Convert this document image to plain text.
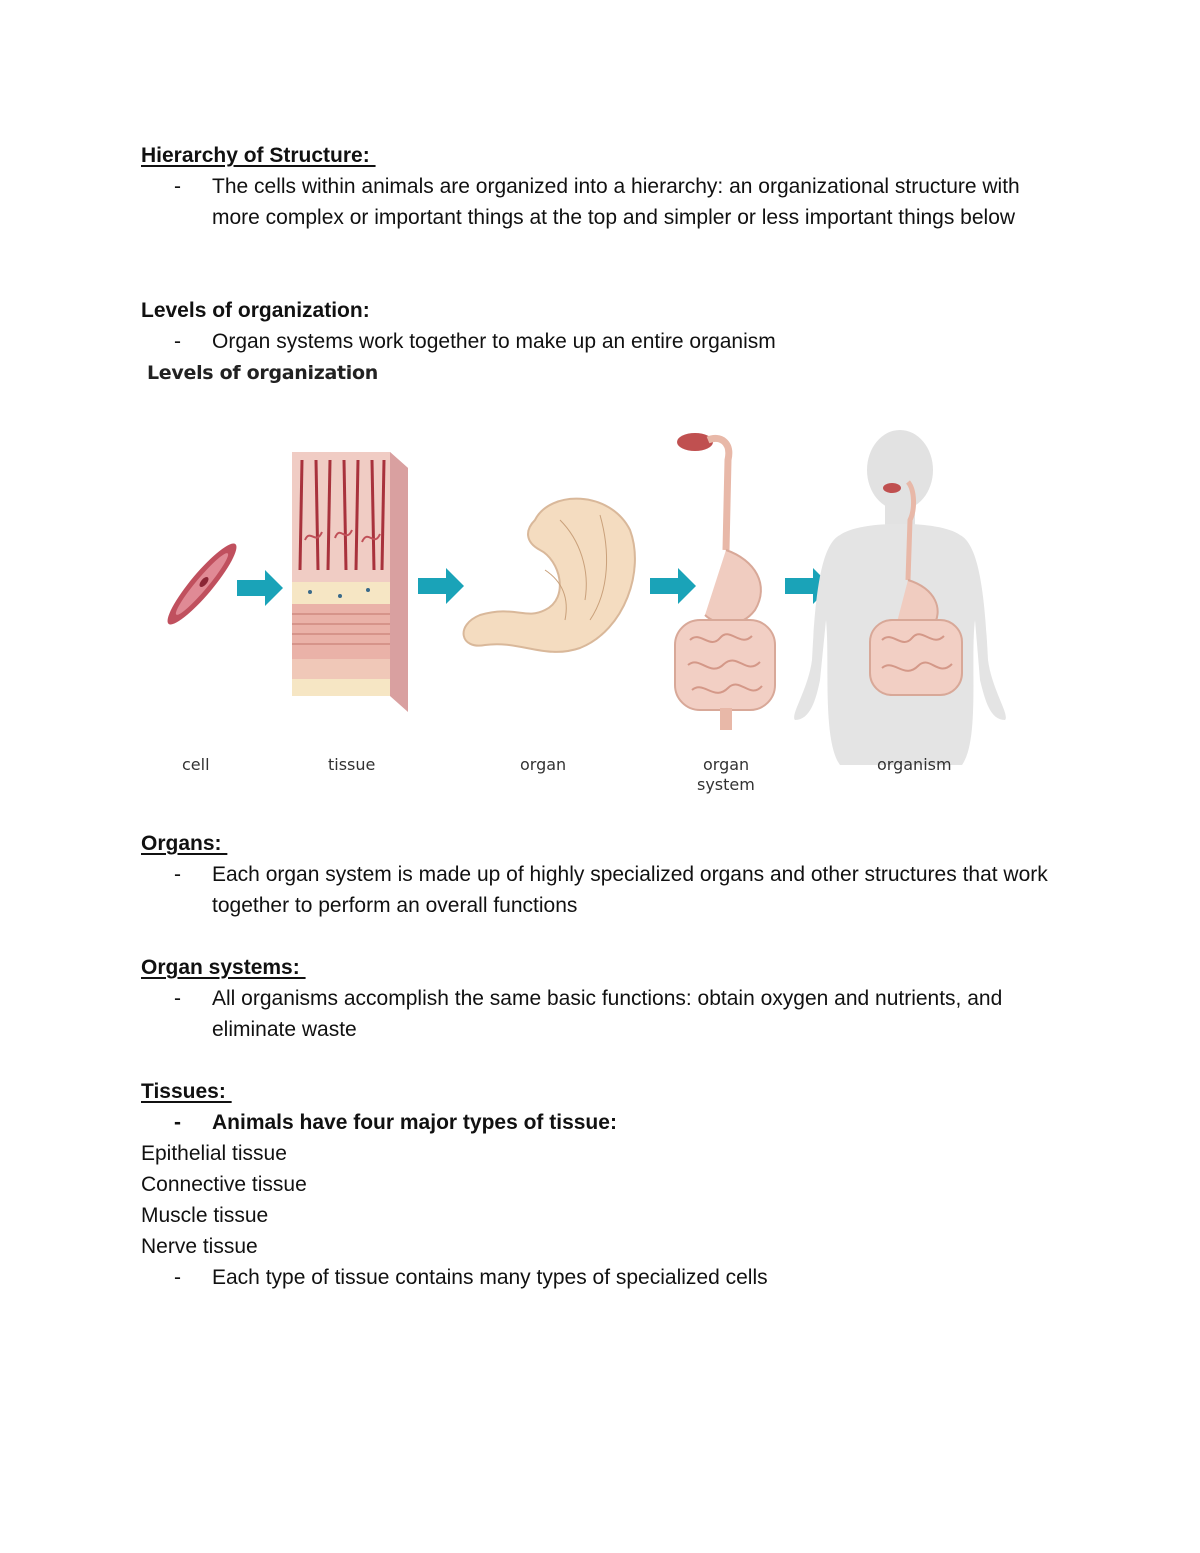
Hierarchy of Structure:
- The cells within animals are organized into a hierarchy: an organizational structure with more complex or important things at the top and simpler or less important things below
Levels of organization:
- Organ systems work together to make up an entire organism
Levels of organization
cell	tissue	organ	organ
system
organism
Organs:
- Each organ system is made up of highly specialized organs and other structures that work together to perform an overall functions
Organ systems:
- All organisms accomplish the same basic functions: obtain oxygen and nutrients, and eliminate waste
Tissues:
- Animals have four major types of tissue:
Epithelial tissue
Connective tissue
Muscle tissue
Nerve tissue
- Each type of tissue contains many types of specialized cells
